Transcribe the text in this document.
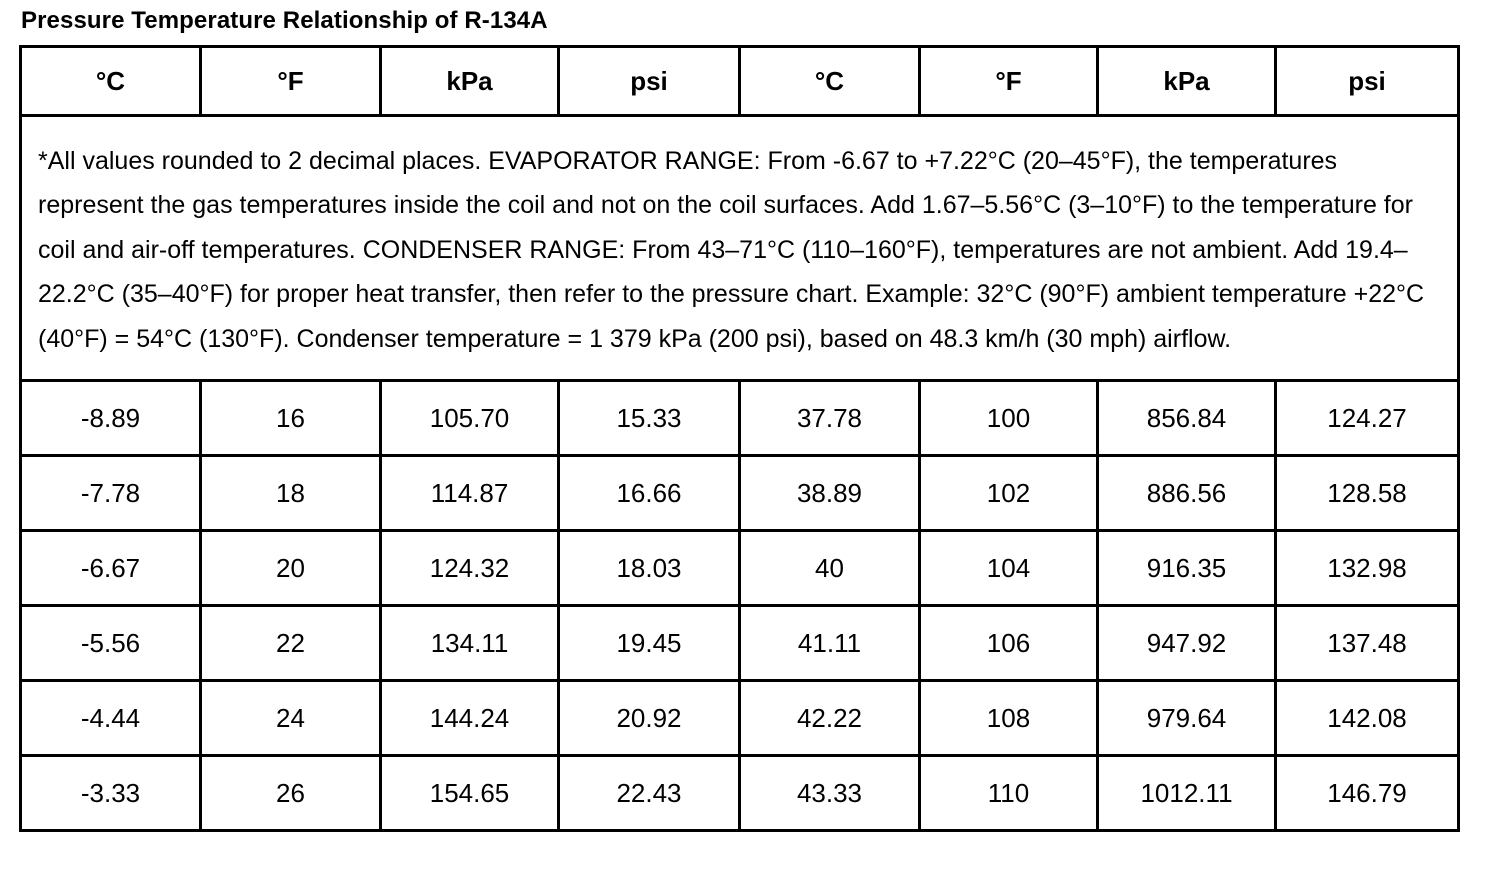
Pressure Temperature Relationship of R-134A
°C	°F	kPa	psi	°C	°F	kPa	psi
*All values rounded to 2 decimal places. EVAPORATOR RANGE: From -6.67 to +7.22°C (20–45°F), the temperatures represent the gas temperatures inside the coil and not on the coil surfaces. Add 1.67–5.56°C (3–10°F) to the temperature for coil and air-off temperatures. CONDENSER RANGE: From 43–71°C (110–160°F), temperatures are not ambient. Add 19.4–22.2°C (35–40°F) for proper heat transfer, then refer to the pressure chart. Example: 32°C (90°F) ambient temperature +22°C (40°F) = 54°C (130°F). Condenser temperature = 1 379 kPa (200 psi), based on 48.3 km/h (30 mph) airflow.							
-8.89	16	105.70	15.33	37.78	100	856.84	124.27
-7.78	18	114.87	16.66	38.89	102	886.56	128.58
-6.67	20	124.32	18.03	40	104	916.35	132.98
-5.56	22	134.11	19.45	41.11	106	947.92	137.48
-4.44	24	144.24	20.92	42.22	108	979.64	142.08
-3.33	26	154.65	22.43	43.33	110	1012.11	146.79
